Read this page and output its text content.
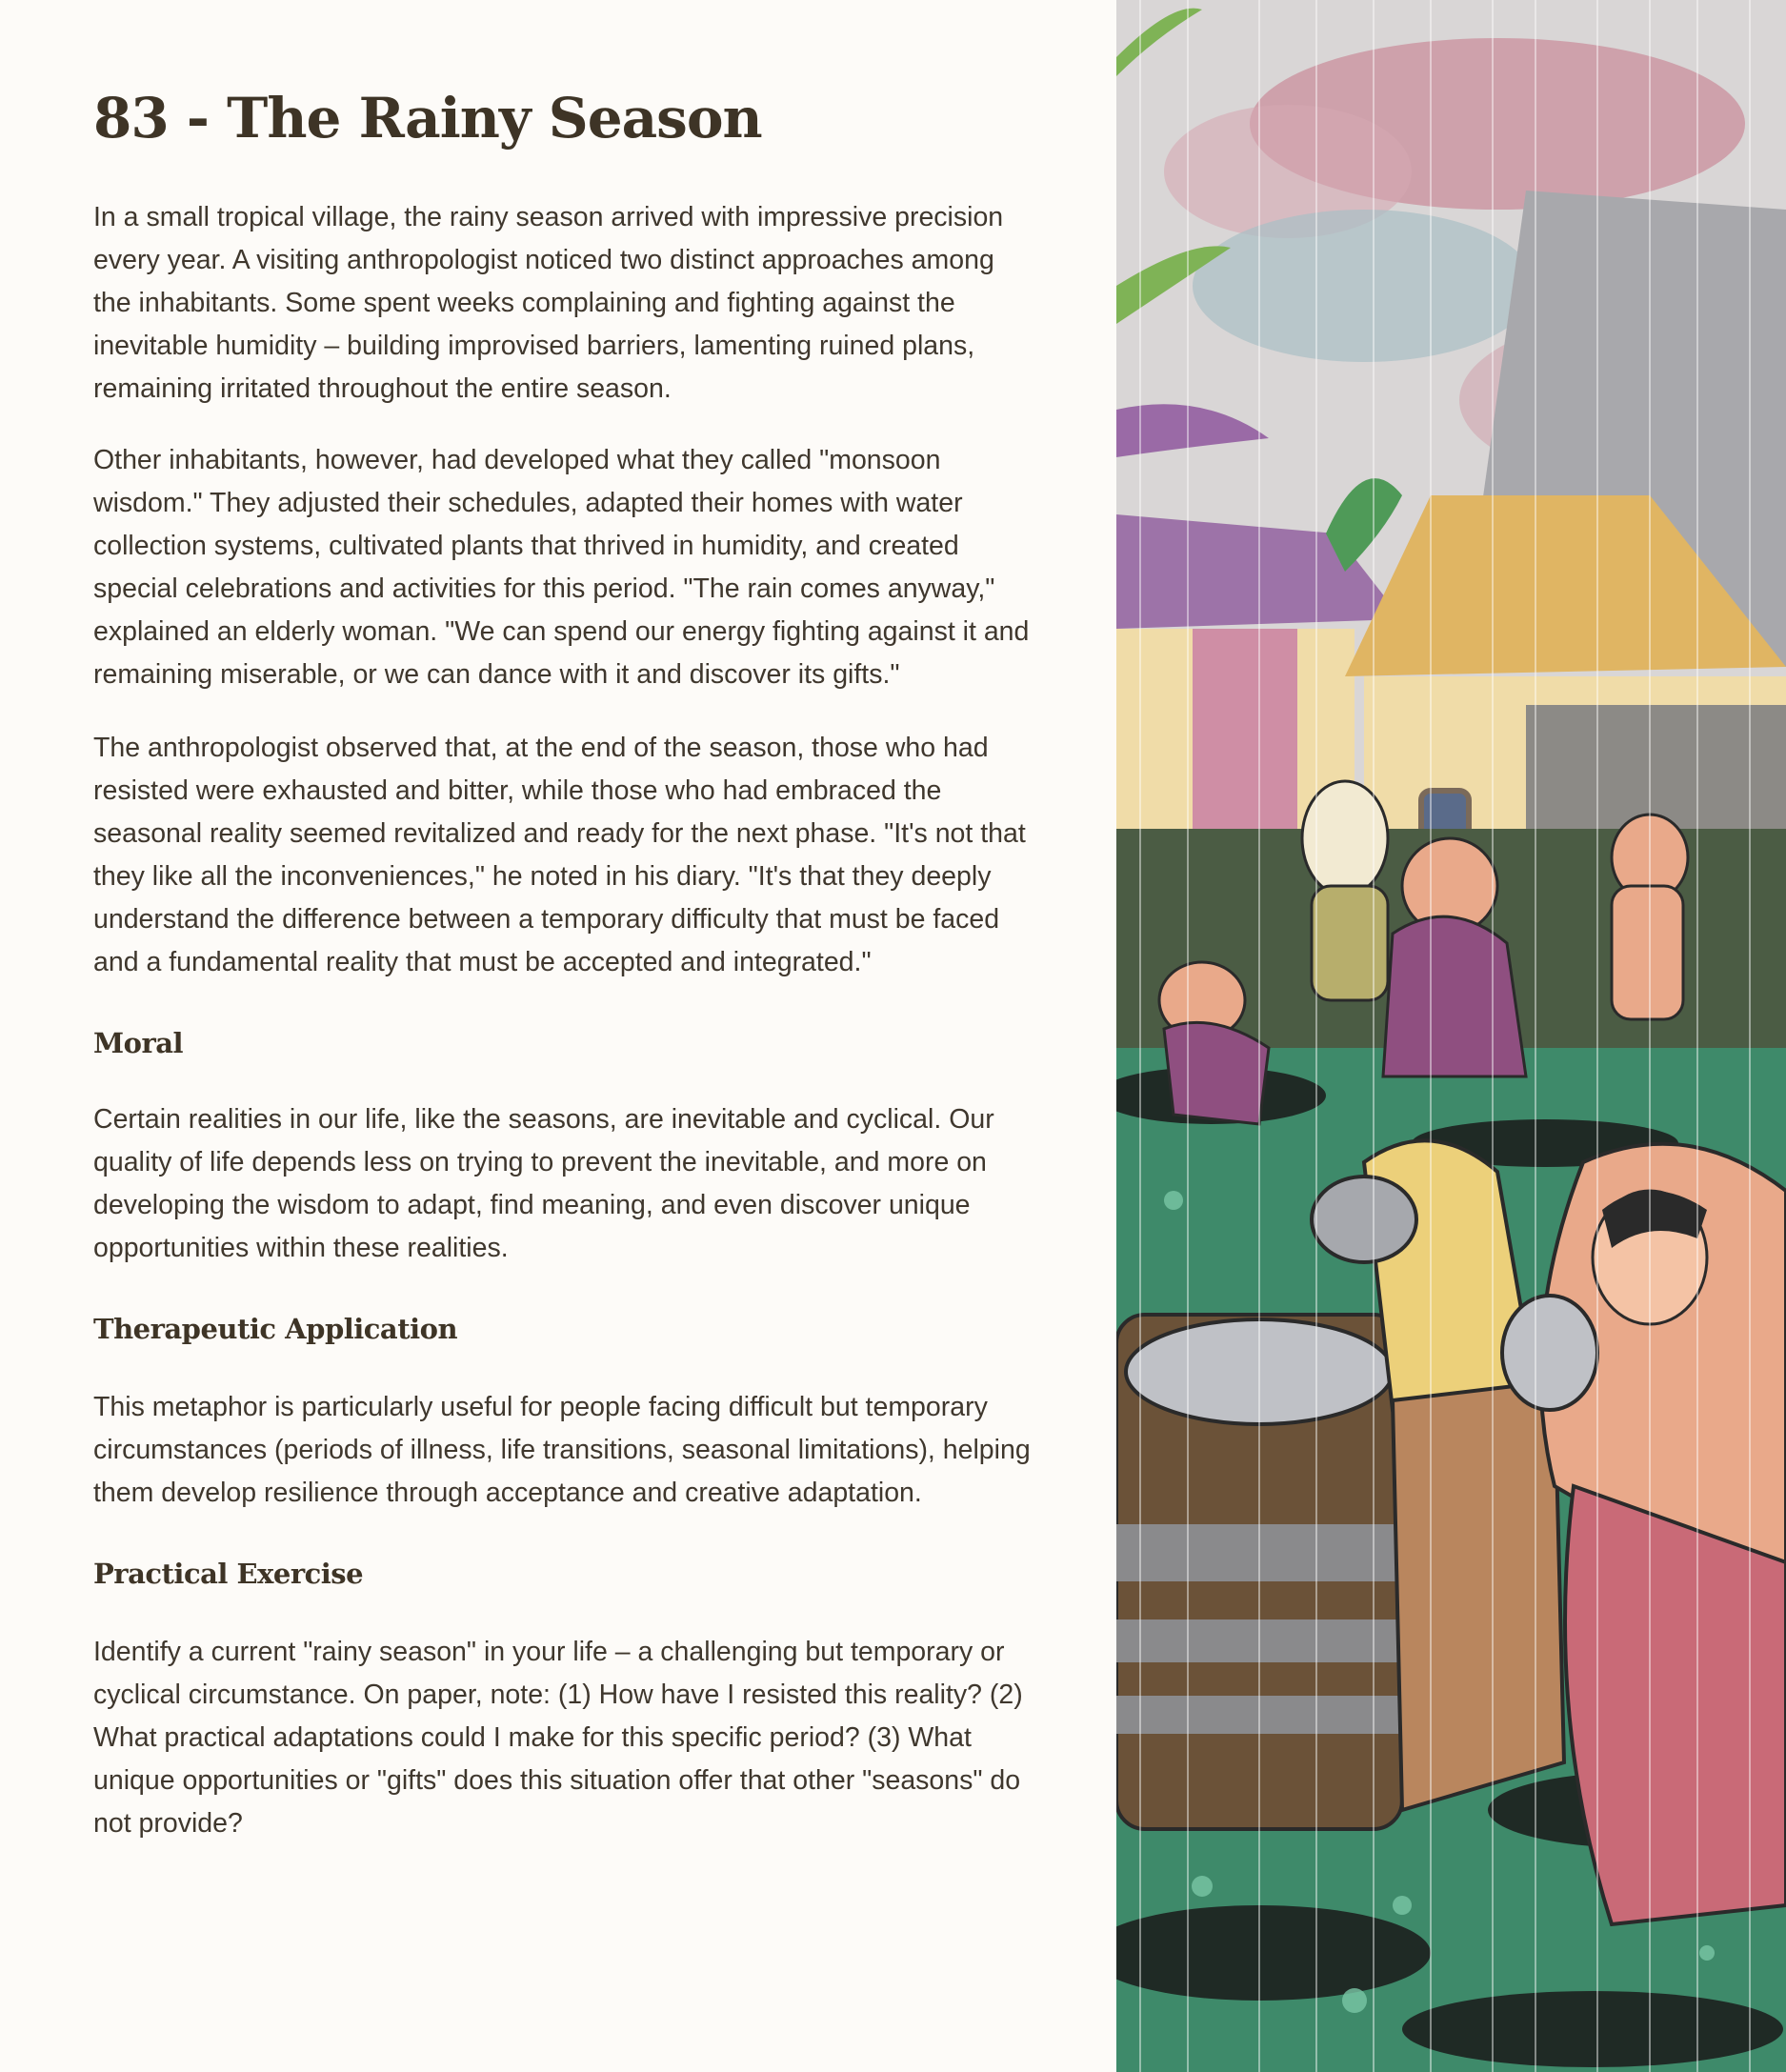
83 - The Rainy Season

In a small tropical village, the rainy season arrived with impressive precision every year. A visiting anthropologist noticed two distinct approaches among the inhabitants. Some spent weeks complaining and fighting against the inevitable humidity – building improvised barriers, lamenting ruined plans, remaining irritated throughout the entire season.

Other inhabitants, however, had developed what they called "monsoon wisdom." They adjusted their schedules, adapted their homes with water collection systems, cultivated plants that thrived in humidity, and created special celebrations and activities for this period. "The rain comes anyway," explained an elderly woman. "We can spend our energy fighting against it and remaining miserable, or we can dance with it and discover its gifts."

The anthropologist observed that, at the end of the season, those who had resisted were exhausted and bitter, while those who had embraced the seasonal reality seemed revitalized and ready for the next phase. "It's not that they like all the inconveniences," he noted in his diary. "It's that they deeply understand the difference between a temporary difficulty that must be faced and a fundamental reality that must be accepted and integrated."

Moral

Certain realities in our life, like the seasons, are inevitable and cyclical. Our quality of life depends less on trying to prevent the inevitable, and more on developing the wisdom to adapt, find meaning, and even discover unique opportunities within these realities.

Therapeutic Application

This metaphor is particularly useful for people facing difficult but temporary circumstances (periods of illness, life transitions, seasonal limitations), helping them develop resilience through acceptance and creative adaptation.

Practical Exercise

Identify a current "rainy season" in your life – a challenging but temporary or cyclical circumstance. On paper, note: (1) How have I resisted this reality? (2) What practical adaptations could I make for this specific period? (3) What unique opportunities or "gifts" does this situation offer that other "seasons" do not provide?
